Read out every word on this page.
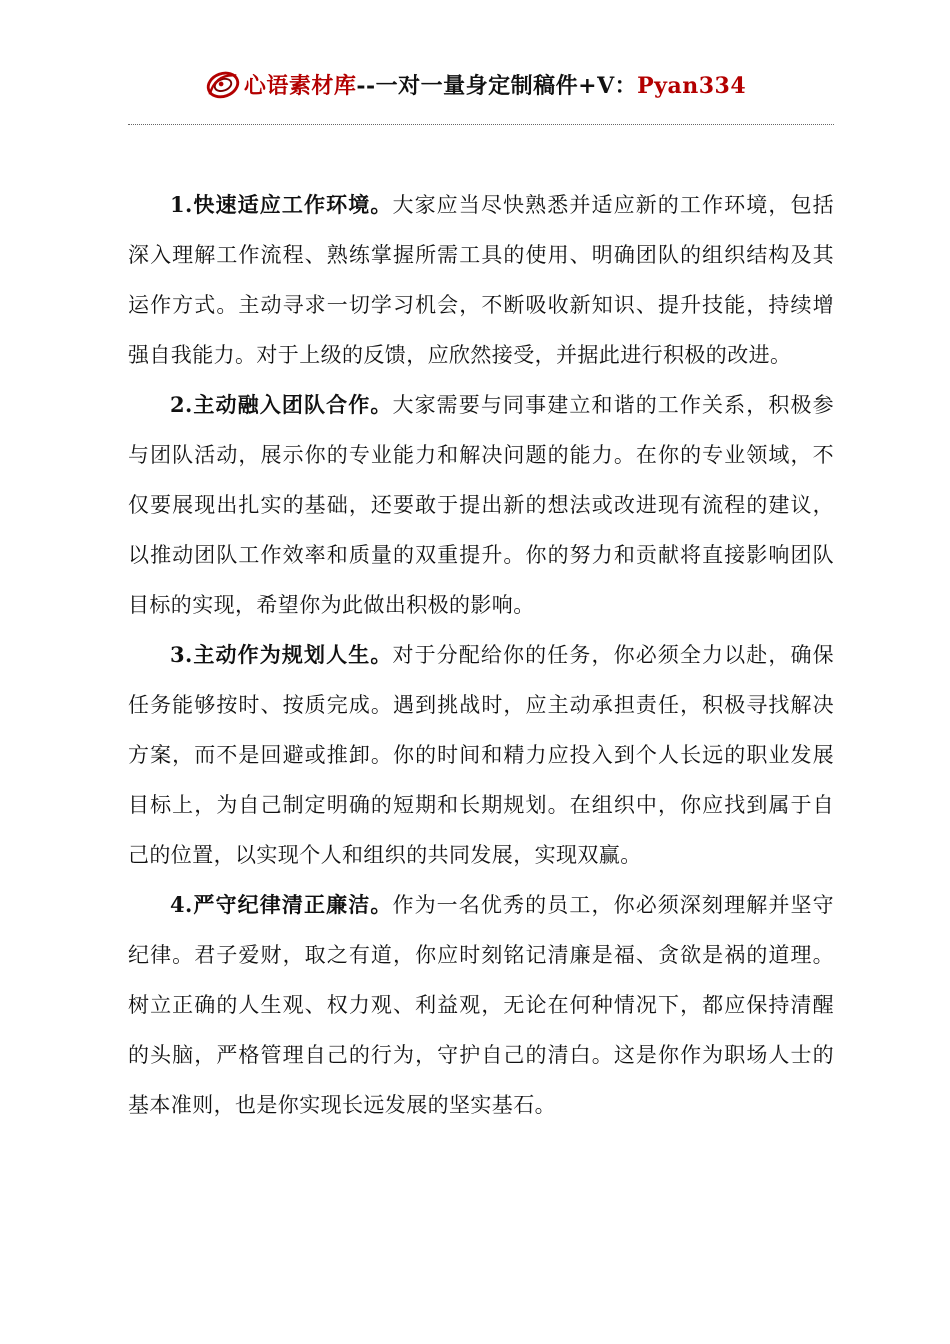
心语素材库--一对一量身定制稿件+V：Pyan334

1.快速适应工作环境。大家应当尽快熟悉并适应新的工作环境，包括深入理解工作流程、熟练掌握所需工具的使用、明确团队的组织结构及其运作方式。主动寻求一切学习机会，不断吸收新知识、提升技能，持续增强自我能力。对于上级的反馈，应欣然接受，并据此进行积极的改进。

2.主动融入团队合作。大家需要与同事建立和谐的工作关系，积极参与团队活动，展示你的专业能力和解决问题的能力。在你的专业领域，不仅要展现出扎实的基础，还要敢于提出新的想法或改进现有流程的建议，以推动团队工作效率和质量的双重提升。你的努力和贡献将直接影响团队目标的实现，希望你为此做出积极的影响。

3.主动作为规划人生。对于分配给你的任务，你必须全力以赴，确保任务能够按时、按质完成。遇到挑战时，应主动承担责任，积极寻找解决方案，而不是回避或推卸。你的时间和精力应投入到个人长远的职业发展目标上，为自己制定明确的短期和长期规划。在组织中，你应找到属于自己的位置，以实现个人和组织的共同发展，实现双赢。

4.严守纪律清正廉洁。作为一名优秀的员工，你必须深刻理解并坚守纪律。君子爱财，取之有道，你应时刻铭记清廉是福、贪欲是祸的道理。树立正确的人生观、权力观、利益观，无论在何种情况下，都应保持清醒的头脑，严格管理自己的行为，守护自己的清白。这是你作为职场人士的基本准则，也是你实现长远发展的坚实基石。
